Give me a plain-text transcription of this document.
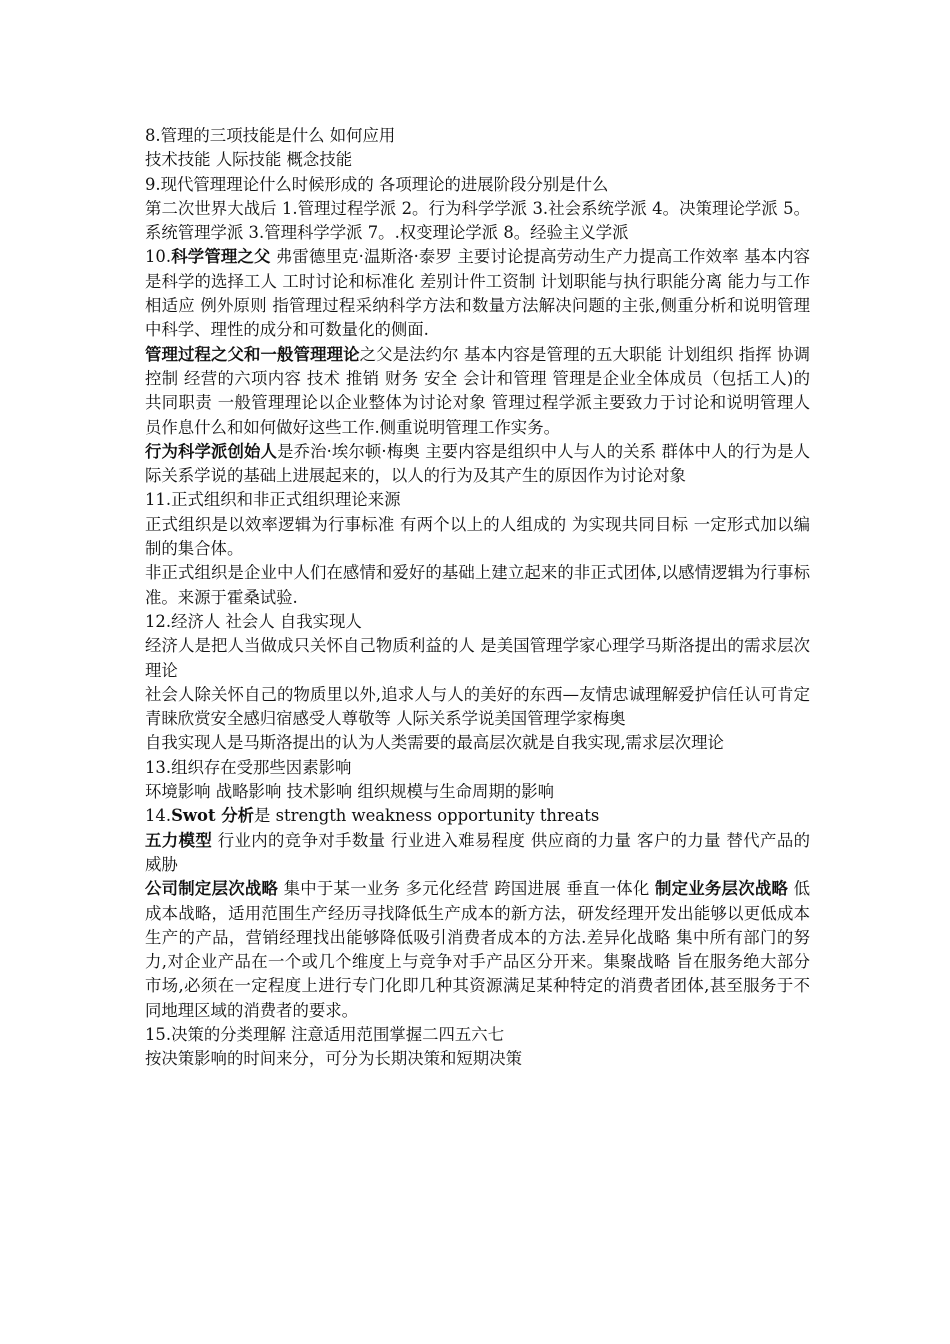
8.管理的三项技能是什么 如何应用

技术技能 人际技能 概念技能

9.现代管理理论什么时候形成的 各项理论的进展阶段分别是什么

第二次世界大战后 1.管理过程学派 2。行为科学学派 3.社会系统学派 4。决策理论学派 5。系统管理学派 3.管理科学学派 7。.权变理论学派 8。经验主义学派

10.科学管理之父 弗雷德里克·温斯洛·泰罗 主要讨论提高劳动生产力提高工作效率 基本内容是科学的选择工人 工时讨论和标准化 差别计件工资制 计划职能与执行职能分离 能力与工作相适应 例外原则 指管理过程采纳科学方法和数量方法解决问题的主张,侧重分析和说明管理中科学、理性的成分和可数量化的侧面.

管理过程之父和一般管理理论之父是法约尔 基本内容是管理的五大职能 计划组织 指挥 协调 控制 经营的六项内容 技术 推销 财务 安全 会计和管理 管理是企业全体成员（包括工人)的共同职责 一般管理理论以企业整体为讨论对象 管理过程学派主要致力于讨论和说明管理人员作息什么和如何做好这些工作.侧重说明管理工作实务。

行为科学派创始人是乔治·埃尔顿·梅奥 主要内容是组织中人与人的关系 群体中人的行为是人际关系学说的基础上进展起来的，以人的行为及其产生的原因作为讨论对象

11.正式组织和非正式组织理论来源

正式组织是以效率逻辑为行事标准 有两个以上的人组成的 为实现共同目标 一定形式加以编制的集合体。

非正式组织是企业中人们在感情和爱好的基础上建立起来的非正式团体,以感情逻辑为行事标准。来源于霍桑试验.

12.经济人 社会人 自我实现人

经济人是把人当做成只关怀自己物质利益的人 是美国管理学家心理学马斯洛提出的需求层次理论

社会人除关怀自己的物质里以外,追求人与人的美好的东西—友情忠诚理解爱护信任认可肯定青睐欣赏安全感归宿感受人尊敬等 人际关系学说美国管理学家梅奥

自我实现人是马斯洛提出的认为人类需要的最高层次就是自我实现,需求层次理论

13.组织存在受那些因素影响

环境影响 战略影响 技术影响 组织规模与生命周期的影响

14.Swot 分析是 strength weakness opportunity threats

五力模型 行业内的竞争对手数量 行业进入难易程度 供应商的力量 客户的力量 替代产品的威胁

公司制定层次战略 集中于某一业务 多元化经营 跨国进展 垂直一体化 制定业务层次战略 低成本战略，适用范围生产经历寻找降低生产成本的新方法，研发经理开发出能够以更低成本生产的产品，营销经理找出能够降低吸引消费者成本的方法.差异化战略 集中所有部门的努力,对企业产品在一个或几个维度上与竞争对手产品区分开来。集聚战略 旨在服务绝大部分市场,必须在一定程度上进行专门化即几种其资源满足某种特定的消费者团体,甚至服务于不同地理区域的消费者的要求。

15.决策的分类理解 注意适用范围掌握二四五六七

按决策影响的时间来分，可分为长期决策和短期决策
